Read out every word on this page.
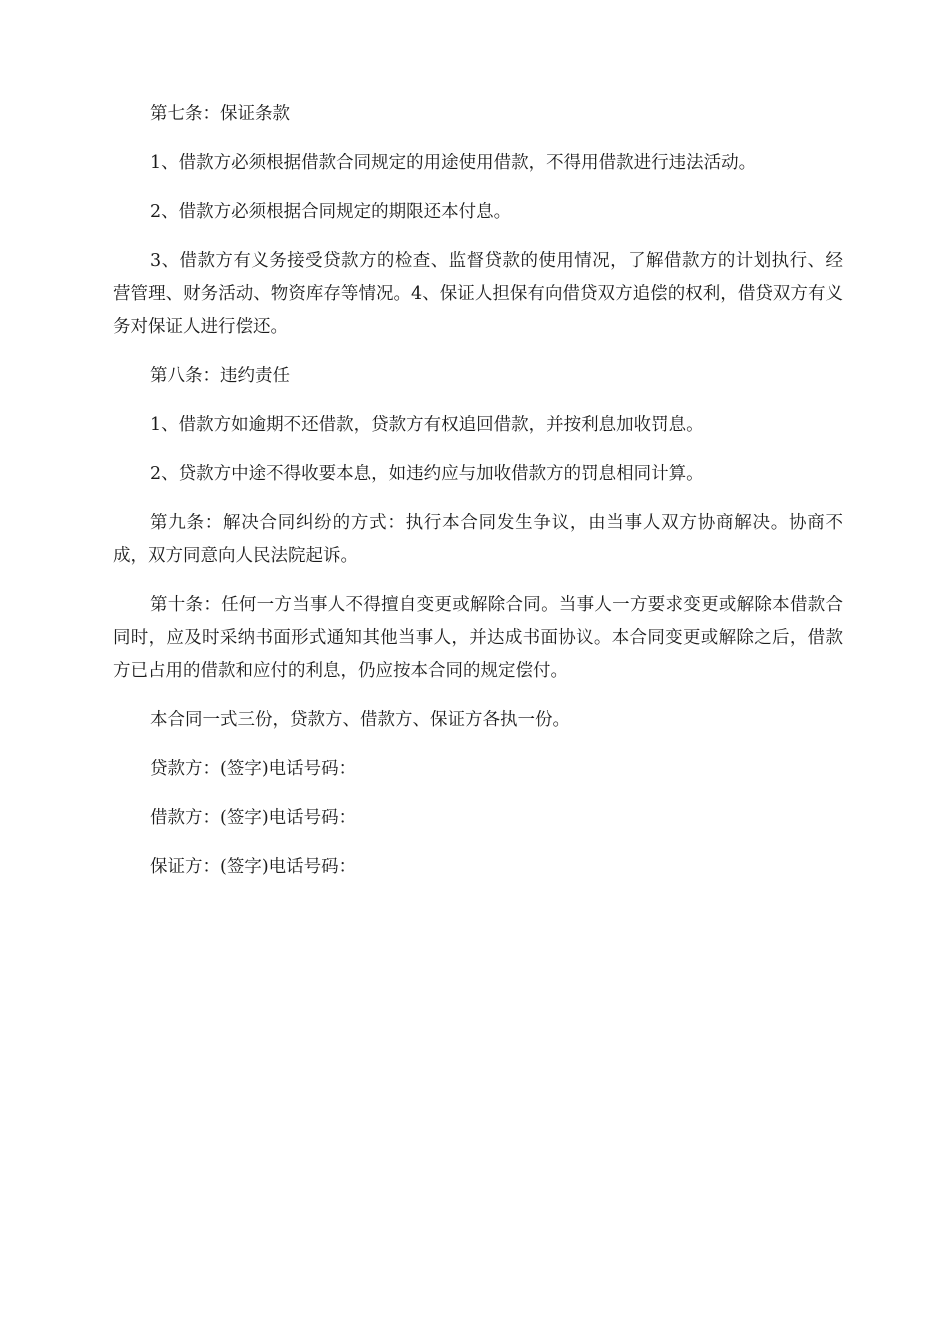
第七条：保证条款

1、借款方必须根据借款合同规定的用途使用借款，不得用借款进行违法活动。

2、借款方必须根据合同规定的期限还本付息。

3、借款方有义务接受贷款方的检查、监督贷款的使用情况，了解借款方的计划执行、经营管理、财务活动、物资库存等情况。4、保证人担保有向借贷双方追偿的权利，借贷双方有义务对保证人进行偿还。

第八条：违约责任

1、借款方如逾期不还借款，贷款方有权追回借款，并按利息加收罚息。

2、贷款方中途不得收要本息，如违约应与加收借款方的罚息相同计算。

第九条：解决合同纠纷的方式：执行本合同发生争议，由当事人双方协商解决。协商不成，双方同意向人民法院起诉。

第十条：任何一方当事人不得擅自变更或解除合同。当事人一方要求变更或解除本借款合同时，应及时采纳书面形式通知其他当事人，并达成书面协议。本合同变更或解除之后，借款方已占用的借款和应付的利息，仍应按本合同的规定偿付。

本合同一式三份，贷款方、借款方、保证方各执一份。

贷款方：(签字)电话号码：

借款方：(签字)电话号码：

保证方：(签字)电话号码：
